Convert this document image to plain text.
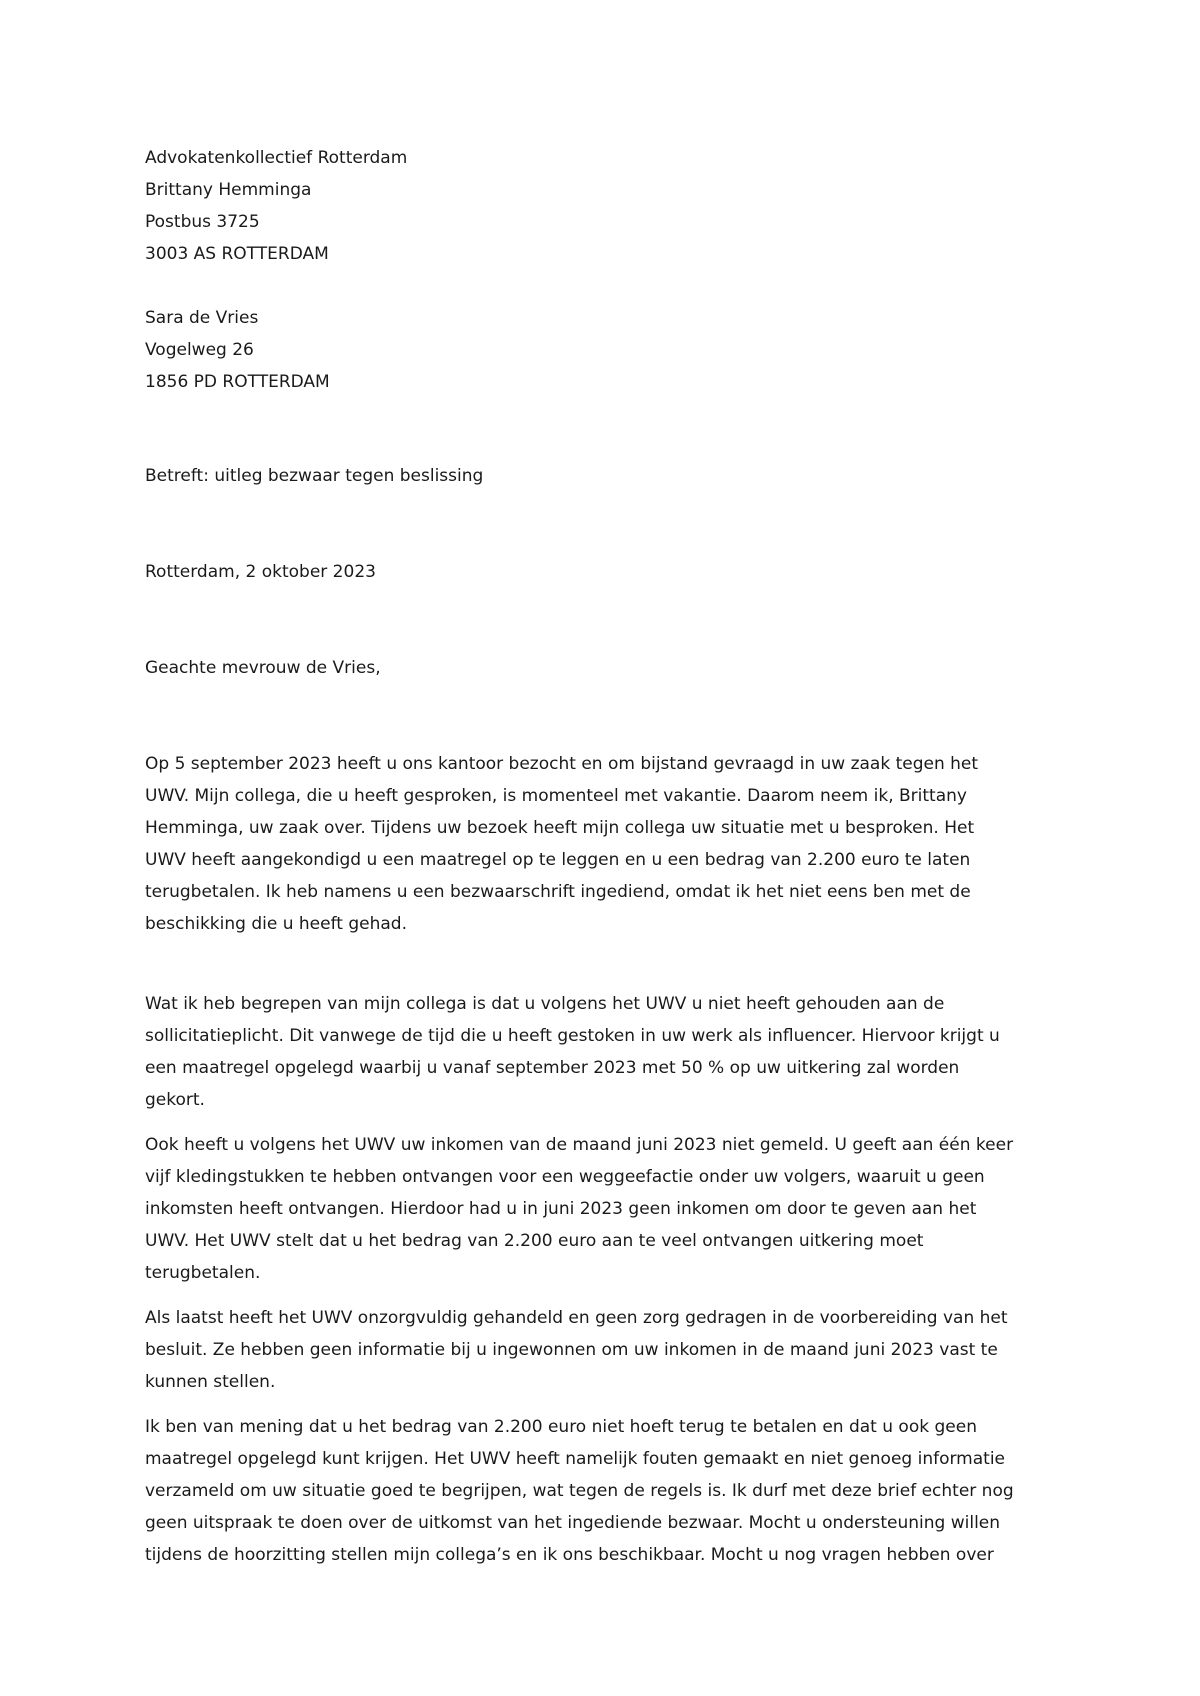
Advokatenkollectief Rotterdam
Brittany Hemminga
Postbus 3725
3003 AS ROTTERDAM
Sara de Vries
Vogelweg 26
1856 PD ROTTERDAM
Betreft: uitleg bezwaar tegen beslissing
Rotterdam, 2 oktober 2023
Geachte mevrouw de Vries,
Op 5 september 2023 heeft u ons kantoor bezocht en om bijstand gevraagd in uw zaak tegen het
UWV. Mijn collega, die u heeft gesproken, is momenteel met vakantie. Daarom neem ik, Brittany
Hemminga, uw zaak over. Tijdens uw bezoek heeft mijn collega uw situatie met u besproken. Het
UWV heeft aangekondigd u een maatregel op te leggen en u een bedrag van 2.200 euro te laten
terugbetalen. Ik heb namens u een bezwaarschrift ingediend, omdat ik het niet eens ben met de
beschikking die u heeft gehad.
Wat ik heb begrepen van mijn collega is dat u volgens het UWV u niet heeft gehouden aan de
sollicitatieplicht. Dit vanwege de tijd die u heeft gestoken in uw werk als influencer. Hiervoor krijgt u
een maatregel opgelegd waarbij u vanaf september 2023 met 50 % op uw uitkering zal worden
gekort.
Ook heeft u volgens het UWV uw inkomen van de maand juni 2023 niet gemeld. U geeft aan één keer
vijf kledingstukken te hebben ontvangen voor een weggeefactie onder uw volgers, waaruit u geen
inkomsten heeft ontvangen. Hierdoor had u in juni 2023 geen inkomen om door te geven aan het
UWV. Het UWV stelt dat u het bedrag van 2.200 euro aan te veel ontvangen uitkering moet
terugbetalen.
Als laatst heeft het UWV onzorgvuldig gehandeld en geen zorg gedragen in de voorbereiding van het
besluit. Ze hebben geen informatie bij u ingewonnen om uw inkomen in de maand juni 2023 vast te
kunnen stellen.
Ik ben van mening dat u het bedrag van 2.200 euro niet hoeft terug te betalen en dat u ook geen
maatregel opgelegd kunt krijgen. Het UWV heeft namelijk fouten gemaakt en niet genoeg informatie
verzameld om uw situatie goed te begrijpen, wat tegen de regels is. Ik durf met deze brief echter nog
geen uitspraak te doen over de uitkomst van het ingediende bezwaar. Mocht u ondersteuning willen
tijdens de hoorzitting stellen mijn collega’s en ik ons beschikbaar. Mocht u nog vragen hebben over
